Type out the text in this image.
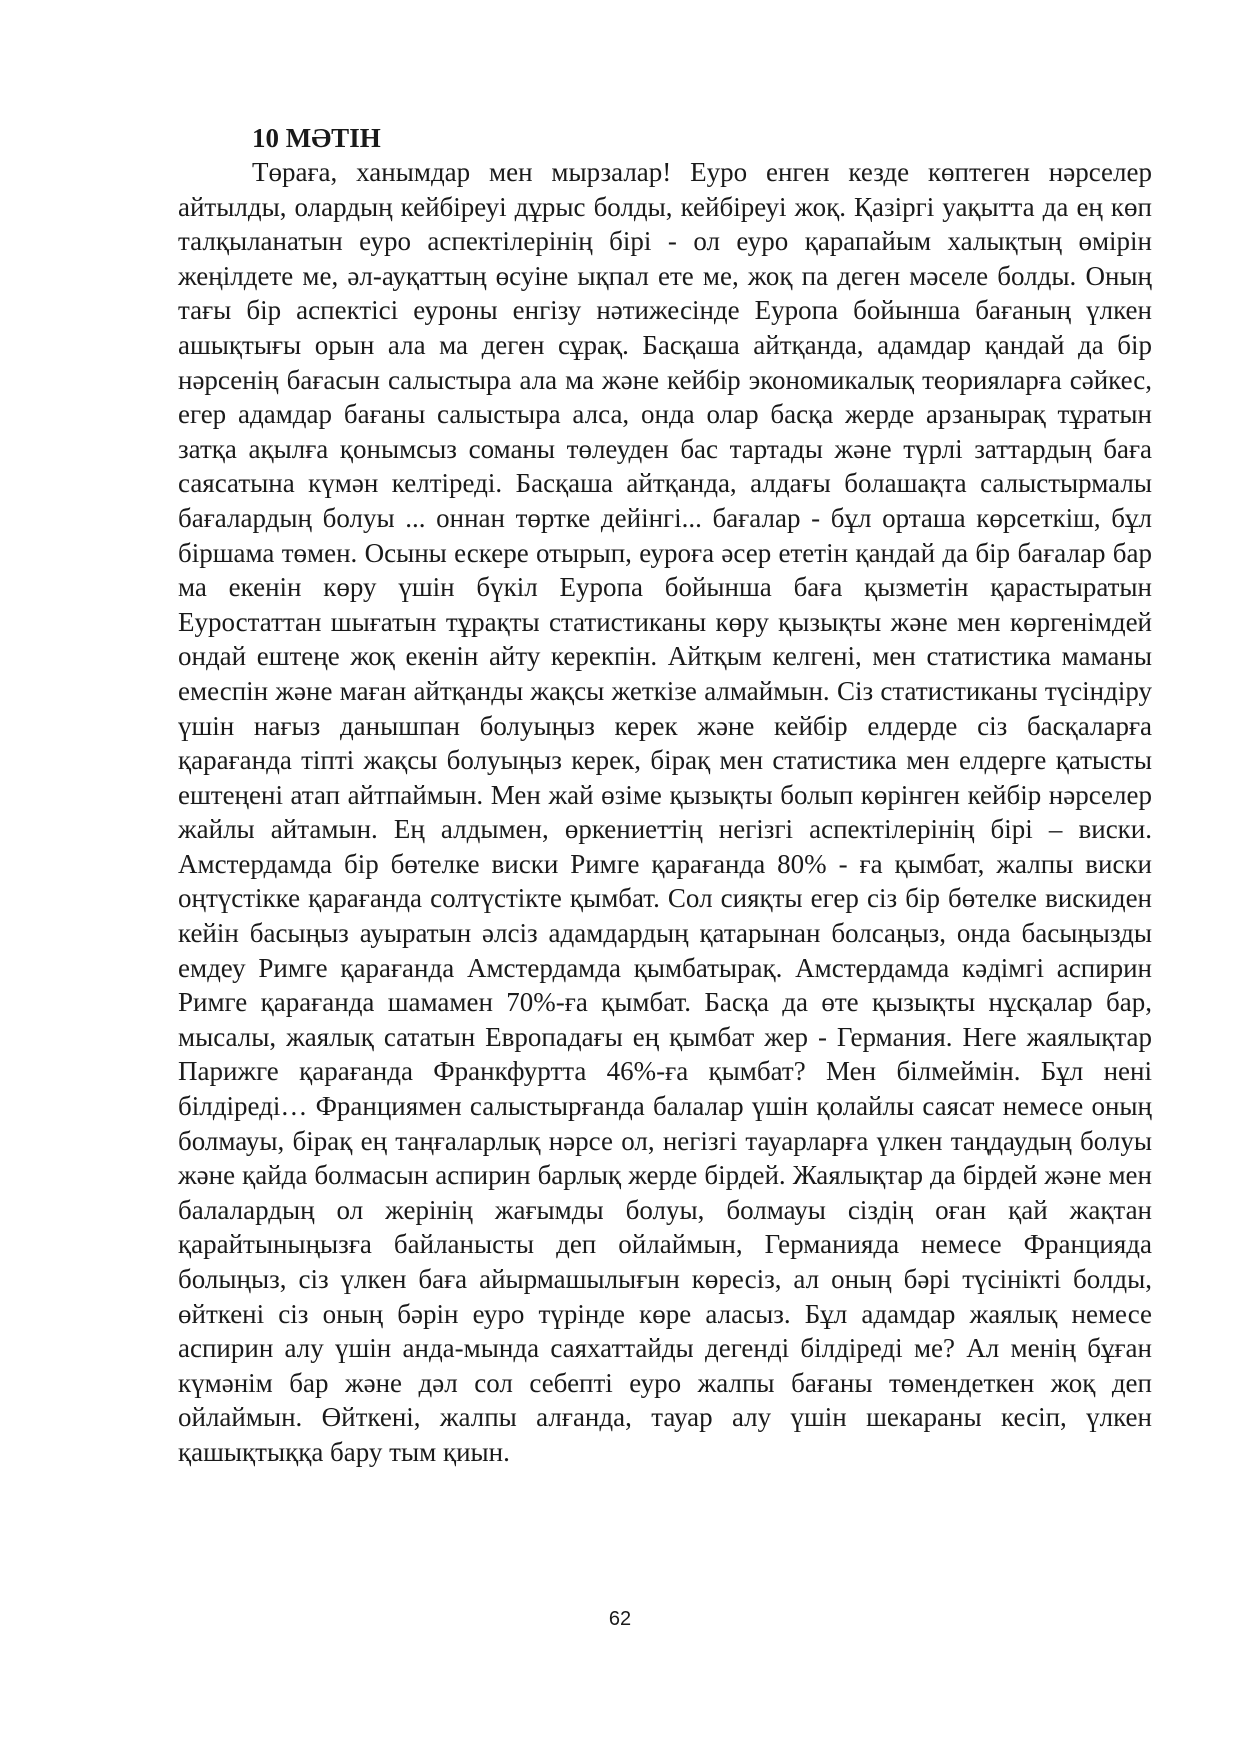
10 МӘТІН

Төраға, ханымдар мен мырзалар! Еуро енген кезде көптеген нәрселер айтылды, олардың кейбіреуі дұрыс болды, кейбіреуі жоқ. Қазіргі уақытта да ең көп талқыланатын еуро аспектілерінің бірі - ол еуро қарапайым халықтың өмірін жеңілдете ме, әл-ауқаттың өсуіне ықпал ете ме, жоқ па деген мәселе болды. Оның тағы бір аспектісі еуроны енгізу нәтижесінде Еуропа бойынша бағаның үлкен ашықтығы орын ала ма деген сұрақ. Басқаша айтқанда, адамдар қандай да бір нәрсенің бағасын салыстыра ала ма және кейбір экономикалық теорияларға сәйкес, егер адамдар бағаны салыстыра алса, онда олар басқа жерде арзанырақ тұратын затқа ақылға қонымсыз соманы төлеуден бас тартады және түрлі заттардың баға саясатына күмән келтіреді. Басқаша айтқанда, алдағы болашақта салыстырмалы бағалардың болуы ... оннан төртке дейінгі... бағалар - бұл орташа көрсеткіш, бұл біршама төмен. Осыны ескере отырып, еуроға әсер ететін қандай да бір бағалар бар ма екенін көру үшін бүкіл Еуропа бойынша баға қызметін қарастыратын Еуростаттан шығатын тұрақты статистиканы көру қызықты және мен көргенімдей ондай ештеңе жоқ екенін айту керекпін. Айтқым келгені, мен статистика маманы емеспін және маған айтқанды жақсы жеткізе алмаймын. Сіз статистиканы түсіндіру үшін нағыз данышпан болуыңыз керек және кейбір елдерде сіз басқаларға қарағанда тіпті жақсы болуыңыз керек, бірақ мен статистика мен елдерге қатысты ештеңені атап айтпаймын. Мен жай өзіме қызықты болып көрінген кейбір нәрселер жайлы айтамын. Ең алдымен, өркениеттің негізгі аспектілерінің бірі – виски. Амстердамда бір бөтелке виски Римге қарағанда 80% - ға қымбат, жалпы виски оңтүстікке қарағанда солтүстікте қымбат. Сол сияқты егер сіз бір бөтелке вискиден кейін басыңыз ауыратын әлсіз адамдардың қатарынан болсаңыз, онда басыңызды емдеу Римге қарағанда Амстердамда қымбатырақ. Амстердамда кәдімгі аспирин Римге қарағанда шамамен 70%-ға қымбат. Басқа да өте қызықты нұсқалар бар, мысалы, жаялық сататын Европадағы ең қымбат жер - Германия. Неге жаялықтар Парижге қарағанда Франкфуртта 46%-ға қымбат? Мен білмеймін. Бұл нені білдіреді… Франциямен салыстырғанда балалар үшін қолайлы саясат немесе оның болмауы, бірақ ең таңғаларлық нәрсе ол, негізгі тауарларға үлкен таңдаудың болуы және қайда болмасын аспирин барлық жерде бірдей. Жаялықтар да бірдей және мен балалардың ол жерінің жағымды болуы, болмауы сіздің оған қай жақтан қарайтыныңызға байланысты деп ойлаймын, Германияда немесе Францияда болыңыз, сіз үлкен баға айырмашылығын көресіз, ал оның бәрі түсінікті болды, өйткені сіз оның бәрін еуро түрінде көре аласыз. Бұл адамдар жаялық немесе аспирин алу үшін анда-мында саяхаттайды дегенді білдіреді ме? Ал менің бұған күмәнім бар және дәл сол себепті еуро жалпы бағаны төмендеткен жоқ деп ойлаймын. Өйткені, жалпы алғанда, тауар алу үшін шекараны кесіп, үлкен қашықтыққа бару тым қиын.

62
